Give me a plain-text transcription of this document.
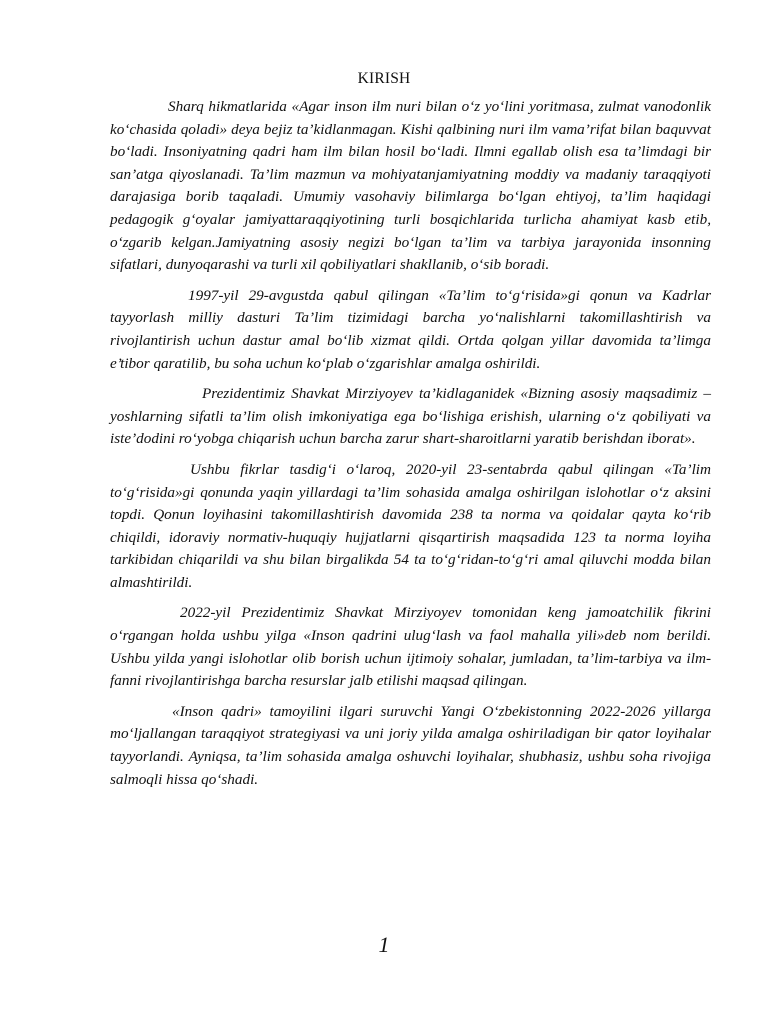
KIRISH

Sharq hikmatlarida «Agar inson ilm nuri bilan o‘z yo‘lini yoritmasa, zulmat vanodonlik ko‘chasida qoladi» deya bejiz ta’kidlanmagan. Kishi qalbining nuri ilm vama’rifat bilan baquvvat bo‘ladi. Insoniyatning qadri ham ilm bilan hosil bo‘ladi. Ilmni egallab olish esa ta’limdagi bir san’atga qiyoslanadi. Ta’lim mazmun va mohiyatanjamiyatning moddiy va madaniy taraqqiyoti darajasiga borib taqaladi. Umumiy vasohaviy bilimlarga bo‘lgan ehtiyoj, ta’lim haqidagi pedagogik g‘oyalar jamiyattaraqqiyotining turli bosqichlarida turlicha ahamiyat kasb etib, o‘zgarib kelgan.Jamiyatning asosiy negizi bo‘lgan ta’lim va tarbiya jarayonida insonning sifatlari, dunyoqarashi va turli xil qobiliyatlari shakllanib, o‘sib boradi.

1997-yil 29-avgustda qabul qilingan «Ta’lim to‘g‘risida»gi qonun va Kadrlar tayyorlash milliy dasturi Ta’lim tizimidagi barcha yo‘nalishlarni takomillashtirish va rivojlantirish uchun dastur amal bo‘lib xizmat qildi. Ortda qolgan yillar davomida ta’limga e’tibor qaratilib, bu soha uchun ko‘plab o‘zgarishlar amalga oshirildi.

Prezidentimiz Shavkat Mirziyoyev ta’kidlaganidek «Bizning asosiy maqsadimiz – yoshlarning sifatli ta’lim olish imkoniyatiga ega bo‘lishiga erishish, ularning o‘z qobiliyati va iste’dodini ro‘yobga chiqarish uchun barcha zarur shart-sharoitlarni yaratib berishdan iborat».

Ushbu fikrlar tasdig‘i o‘laroq, 2020-yil 23-sentabrda qabul qilingan «Ta’lim to‘g‘risida»gi qonunda yaqin yillardagi ta’lim sohasida amalga oshirilgan islohotlar o‘z aksini topdi. Qonun loyihasini takomillashtirish davomida 238 ta norma va qoidalar qayta ko‘rib chiqildi, idoraviy normativ-huquqiy hujjatlarni qisqartirish maqsadida 123 ta norma loyiha tarkibidan chiqarildi va shu bilan birgalikda 54 ta to‘g‘ridan-to‘g‘ri amal qiluvchi modda bilan almashtirildi.

2022-yil Prezidentimiz Shavkat Mirziyoyev tomonidan keng jamoatchilik fikrini o‘rgangan holda ushbu yilga «Inson qadrini ulug‘lash va faol mahalla yili»deb nom berildi. Ushbu yilda yangi islohotlar olib borish uchun ijtimoiy sohalar, jumladan, ta’lim-tarbiya va ilm-fanni rivojlantirishga barcha resurslar jalb etilishi maqsad qilingan.

«Inson qadri» tamoyilini ilgari suruvchi Yangi O‘zbekistonning 2022-2026 yillarga mo‘ljallangan taraqqiyot strategiyasi va uni joriy yilda amalga oshiriladigan bir qator loyihalar tayyorlandi. Ayniqsa, ta’lim sohasida amalga oshuvchi loyihalar, shubhasiz, ushbu soha rivojiga salmoqli hissa qo‘shadi.

1
